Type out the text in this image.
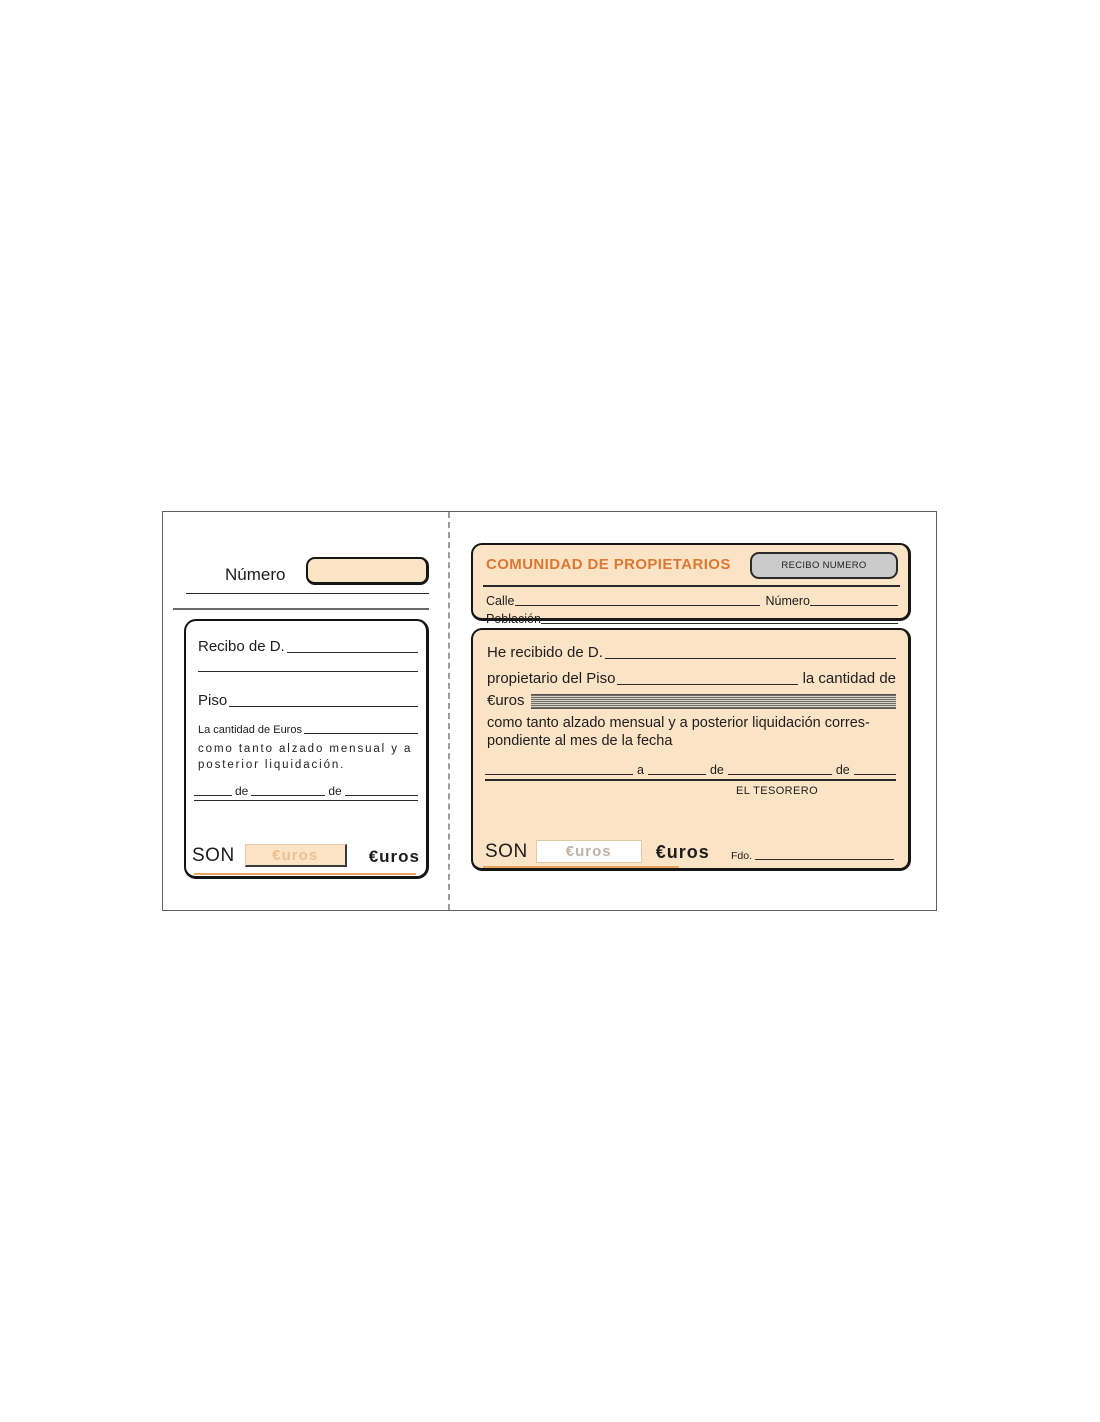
Número
Recibo de D.
Piso
La cantidad de Euros
como tanto alzado mensual y a posterior liquidación.
de	de
SON	€uros	€uros
COMUNIDAD DE PROPIETARIOS	RECIBO NUMERO
Calle	Número
Población
He recibido de D.
propietario del Piso	la cantidad de
€uros
como tanto alzado mensual y a posterior liquidación corres-
pondiente al mes de la fecha
a	de	de
EL TESORERO
SON	€uros €uros Fdo.
